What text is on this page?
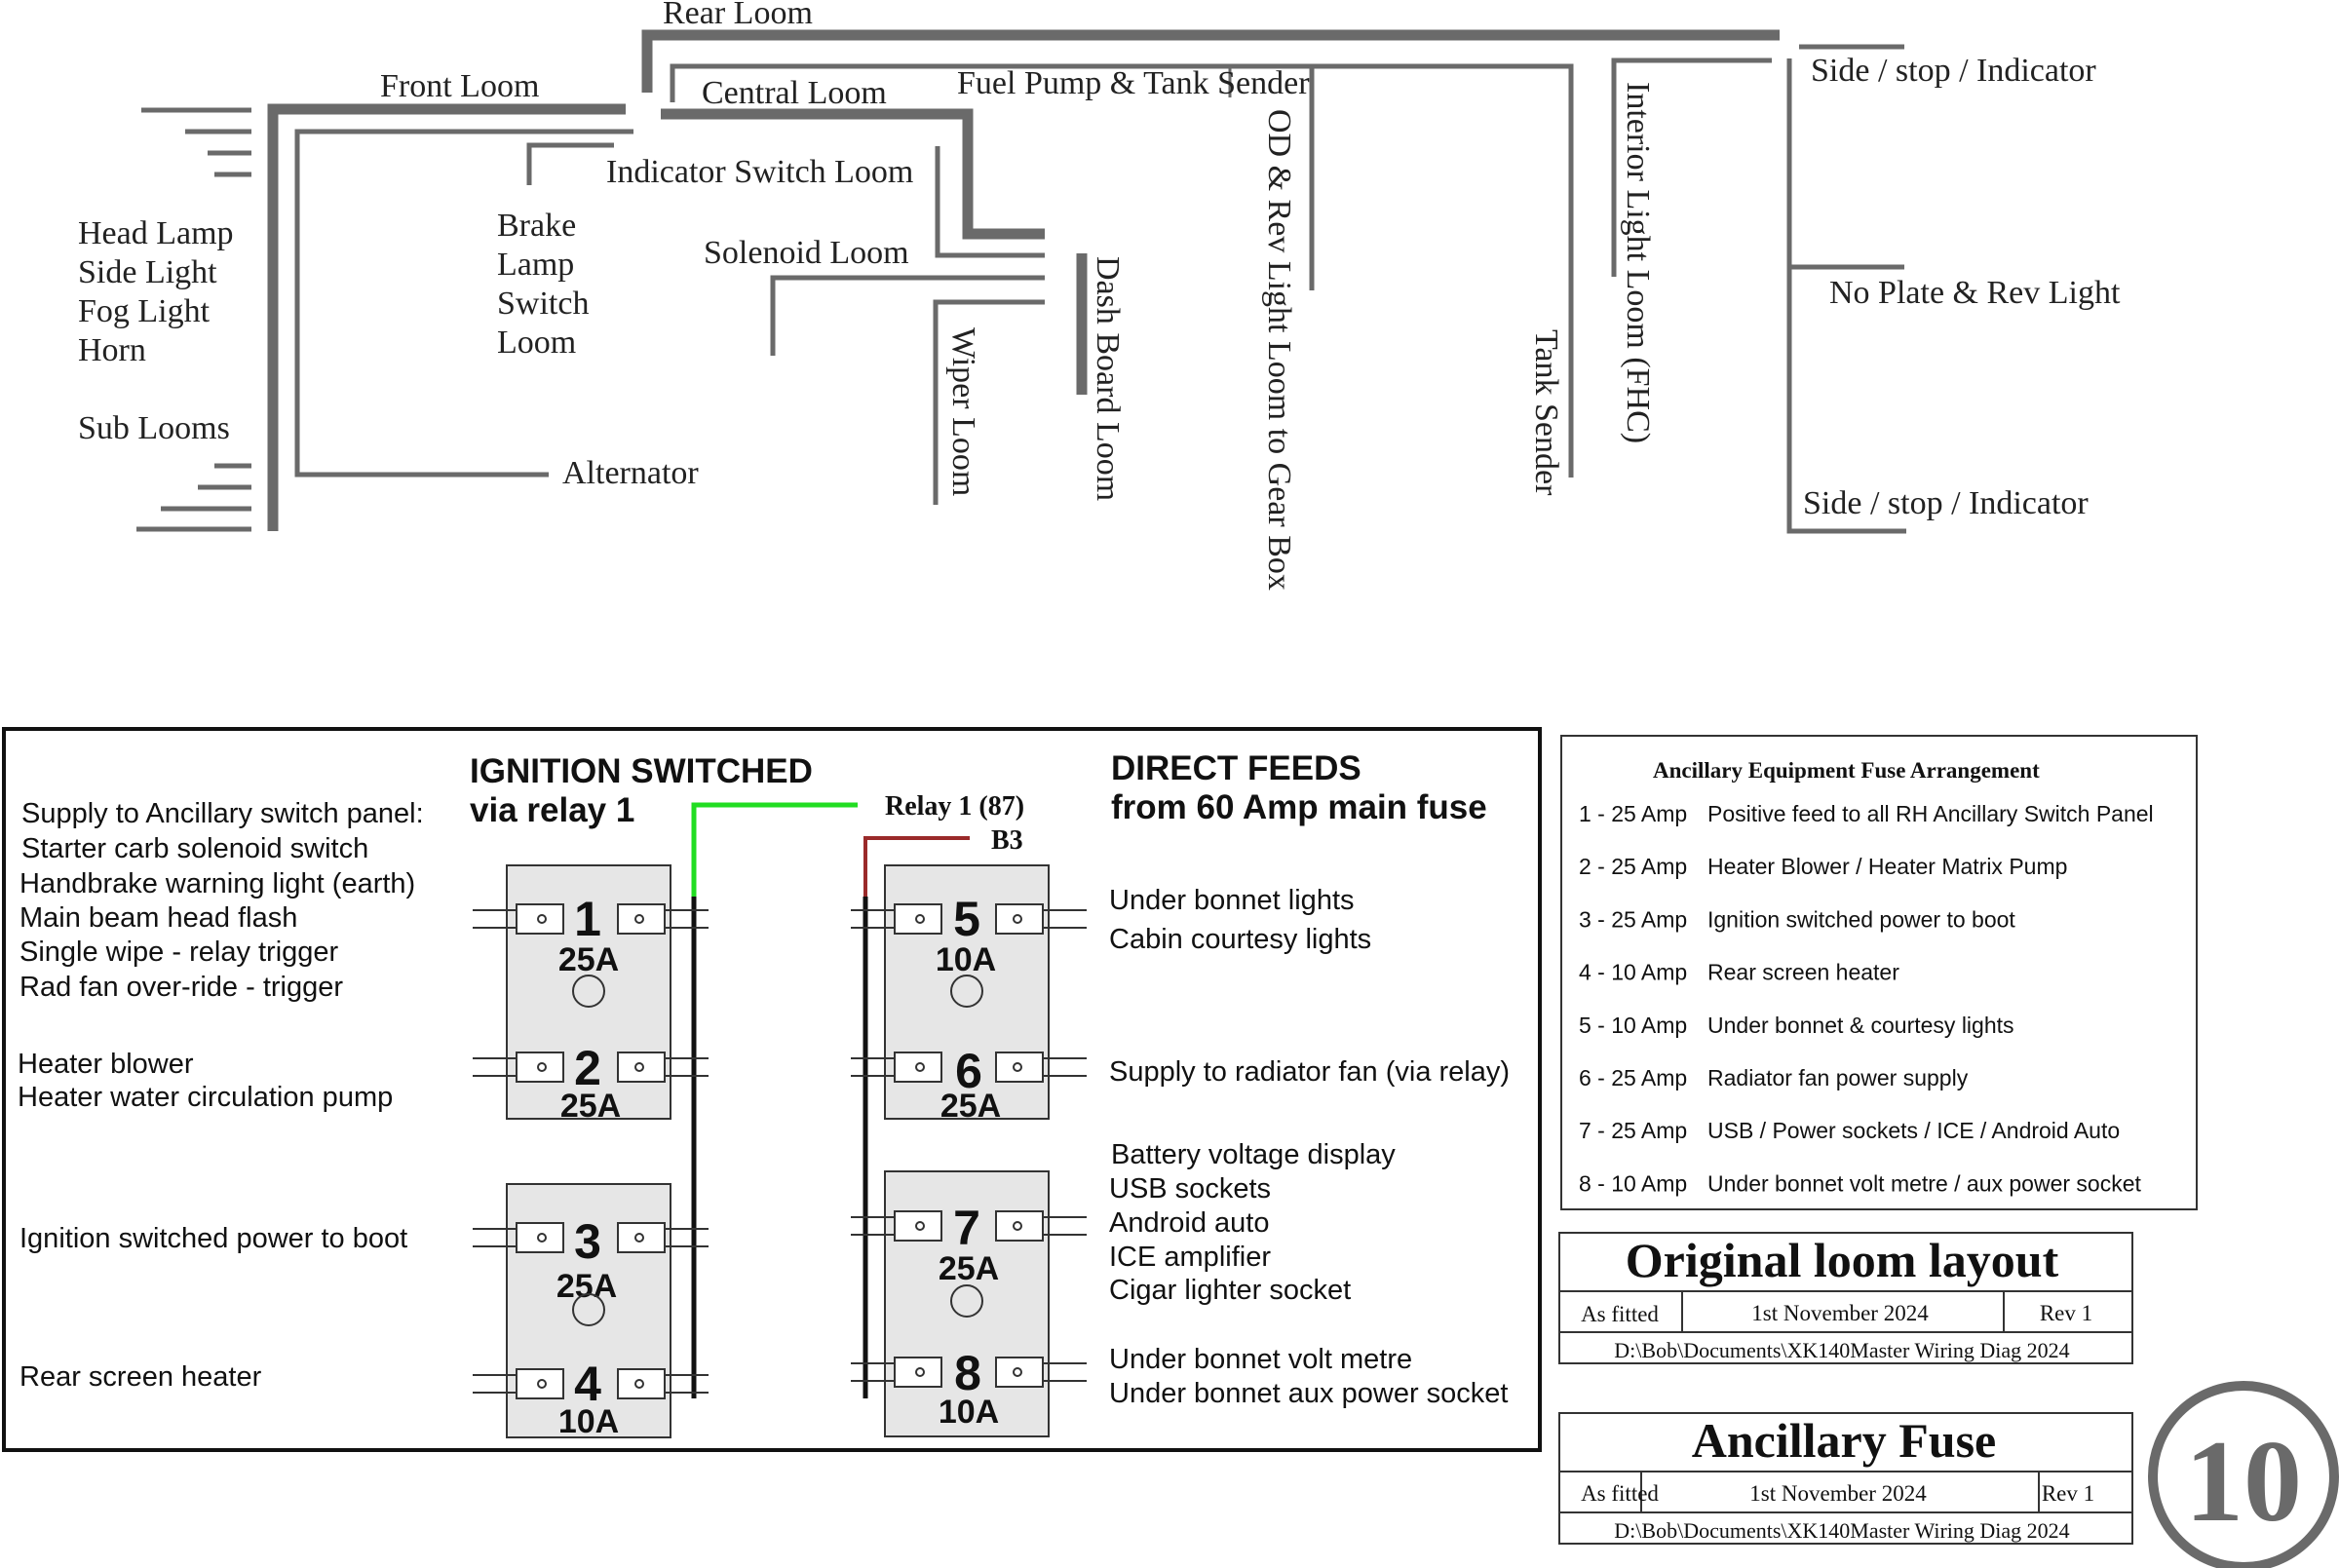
Rear Loom
Front Loom	Central Loom Fuel Pump & Tank Sender
Indicator Switch Loom
Solenoid Loom
Brake
Lamp
Switch
Loom
Head Lamp
Side Light
Fog Light
Horn
Sub Looms
Alternator	Wiper Loom	Dash Board Loom	OD & Rev Light Loom to Gear Box	Tank Sender Interior Light Loom (FHC)
Side / stop / Indicator
No Plate & Rev Light
Side / stop / Indicator
IGNITION SWITCHED
via relay 1
DIRECT FEEDS
from 60 Amp main fuse
Relay 1 (87)
B3
1
25A
2
25A
3
25A
4
10A
5
10A
6
25A
7
25A
8
10A
Supply to Ancillary switch panel:
Starter carb solenoid switch
Handbrake warning light (earth)
Main beam head flash
Single wipe - relay trigger
Rad fan over-ride - trigger
Heater blower
Heater water circulation pump
Ignition switched power to boot
Rear screen heater
Under bonnet lights
Cabin courtesy lights
Supply to radiator fan (via relay)
Battery voltage display
USB sockets
Android auto
ICE amplifier
Cigar lighter socket
Under bonnet volt metre
Under bonnet aux power socket
Ancillary Equipment Fuse Arrangement
1 - 25 Amp Positive feed to all RH Ancillary Switch Panel
2 - 25 Amp Heater Blower / Heater Matrix Pump
3 - 25 Amp Ignition switched power to boot
4 - 10 Amp Rear screen heater
5 - 10 Amp Under bonnet & courtesy lights
6 - 25 Amp Radiator fan power supply
7 - 25 Amp USB / Power sockets / ICE / Android Auto
8 - 10 Amp Under bonnet volt metre / aux power socket
Original loom layout
As fitted	1st November 2024	Rev 1
D:\Bob\Documents\XK140Master Wiring Diag 2024
Ancillary Fuse
As fitted	1st November 2024	Rev 1
D:\Bob\Documents\XK140Master Wiring Diag 2024 10
